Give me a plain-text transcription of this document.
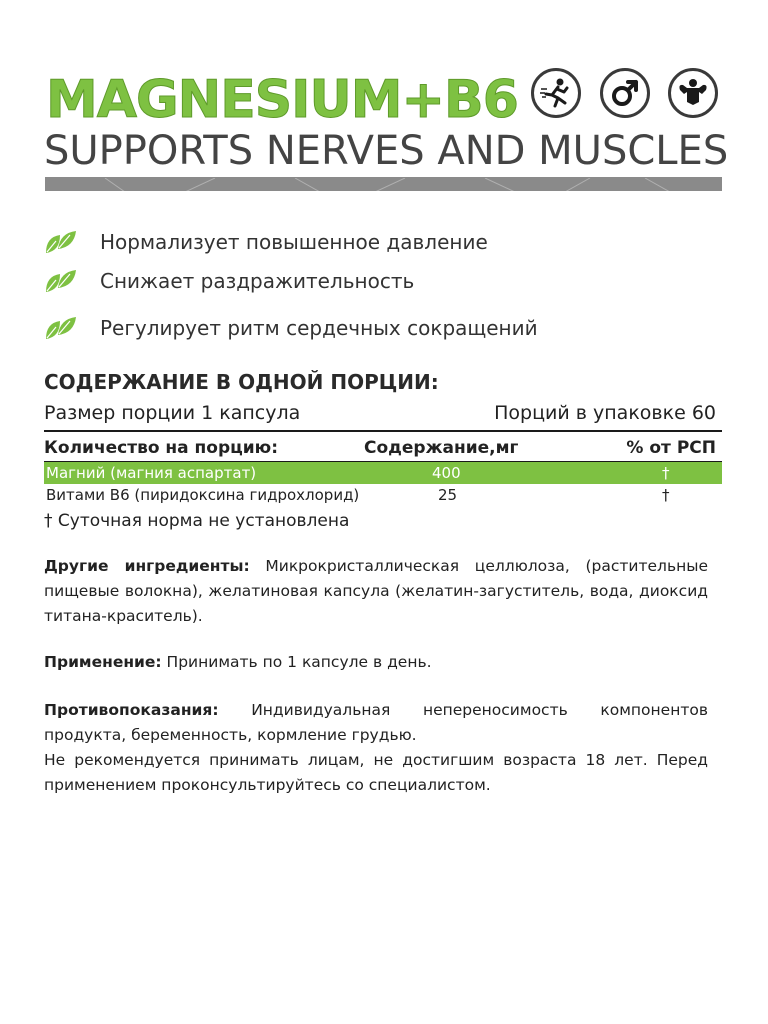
MAGNESIUM+B6
SUPPORTS NERVES AND MUSCLES
Нормализует повышенное давление
Снижает раздражительность
Регулирует ритм сердечных сокращений
СОДЕРЖАНИЕ В ОДНОЙ ПОРЦИИ:
Размер порции 1 капсула	Порций в упаковке 60
Количество на порцию:	Содержание,мг	% от РСП
Магний (магния аспартат)	400	†
Витами В6 (пиридоксина гидрохлорид)	25	†
† Суточная норма не установлена
Другие ингредиенты: Микрокристаллическая целлюлоза, (растительные пищевые волокна), желатиновая капсула (желатин-загуститель, вода, диоксид титана-краситель).
Применение: Принимать по 1 капсуле в день.
Противопоказания: Индивидуальная непереносимость компонентов продукта, беременность, кормление грудью.
Не рекомендуется принимать лицам, не достигшим возраста 18 лет. Перед применением проконсультируйтесь со специалистом.
